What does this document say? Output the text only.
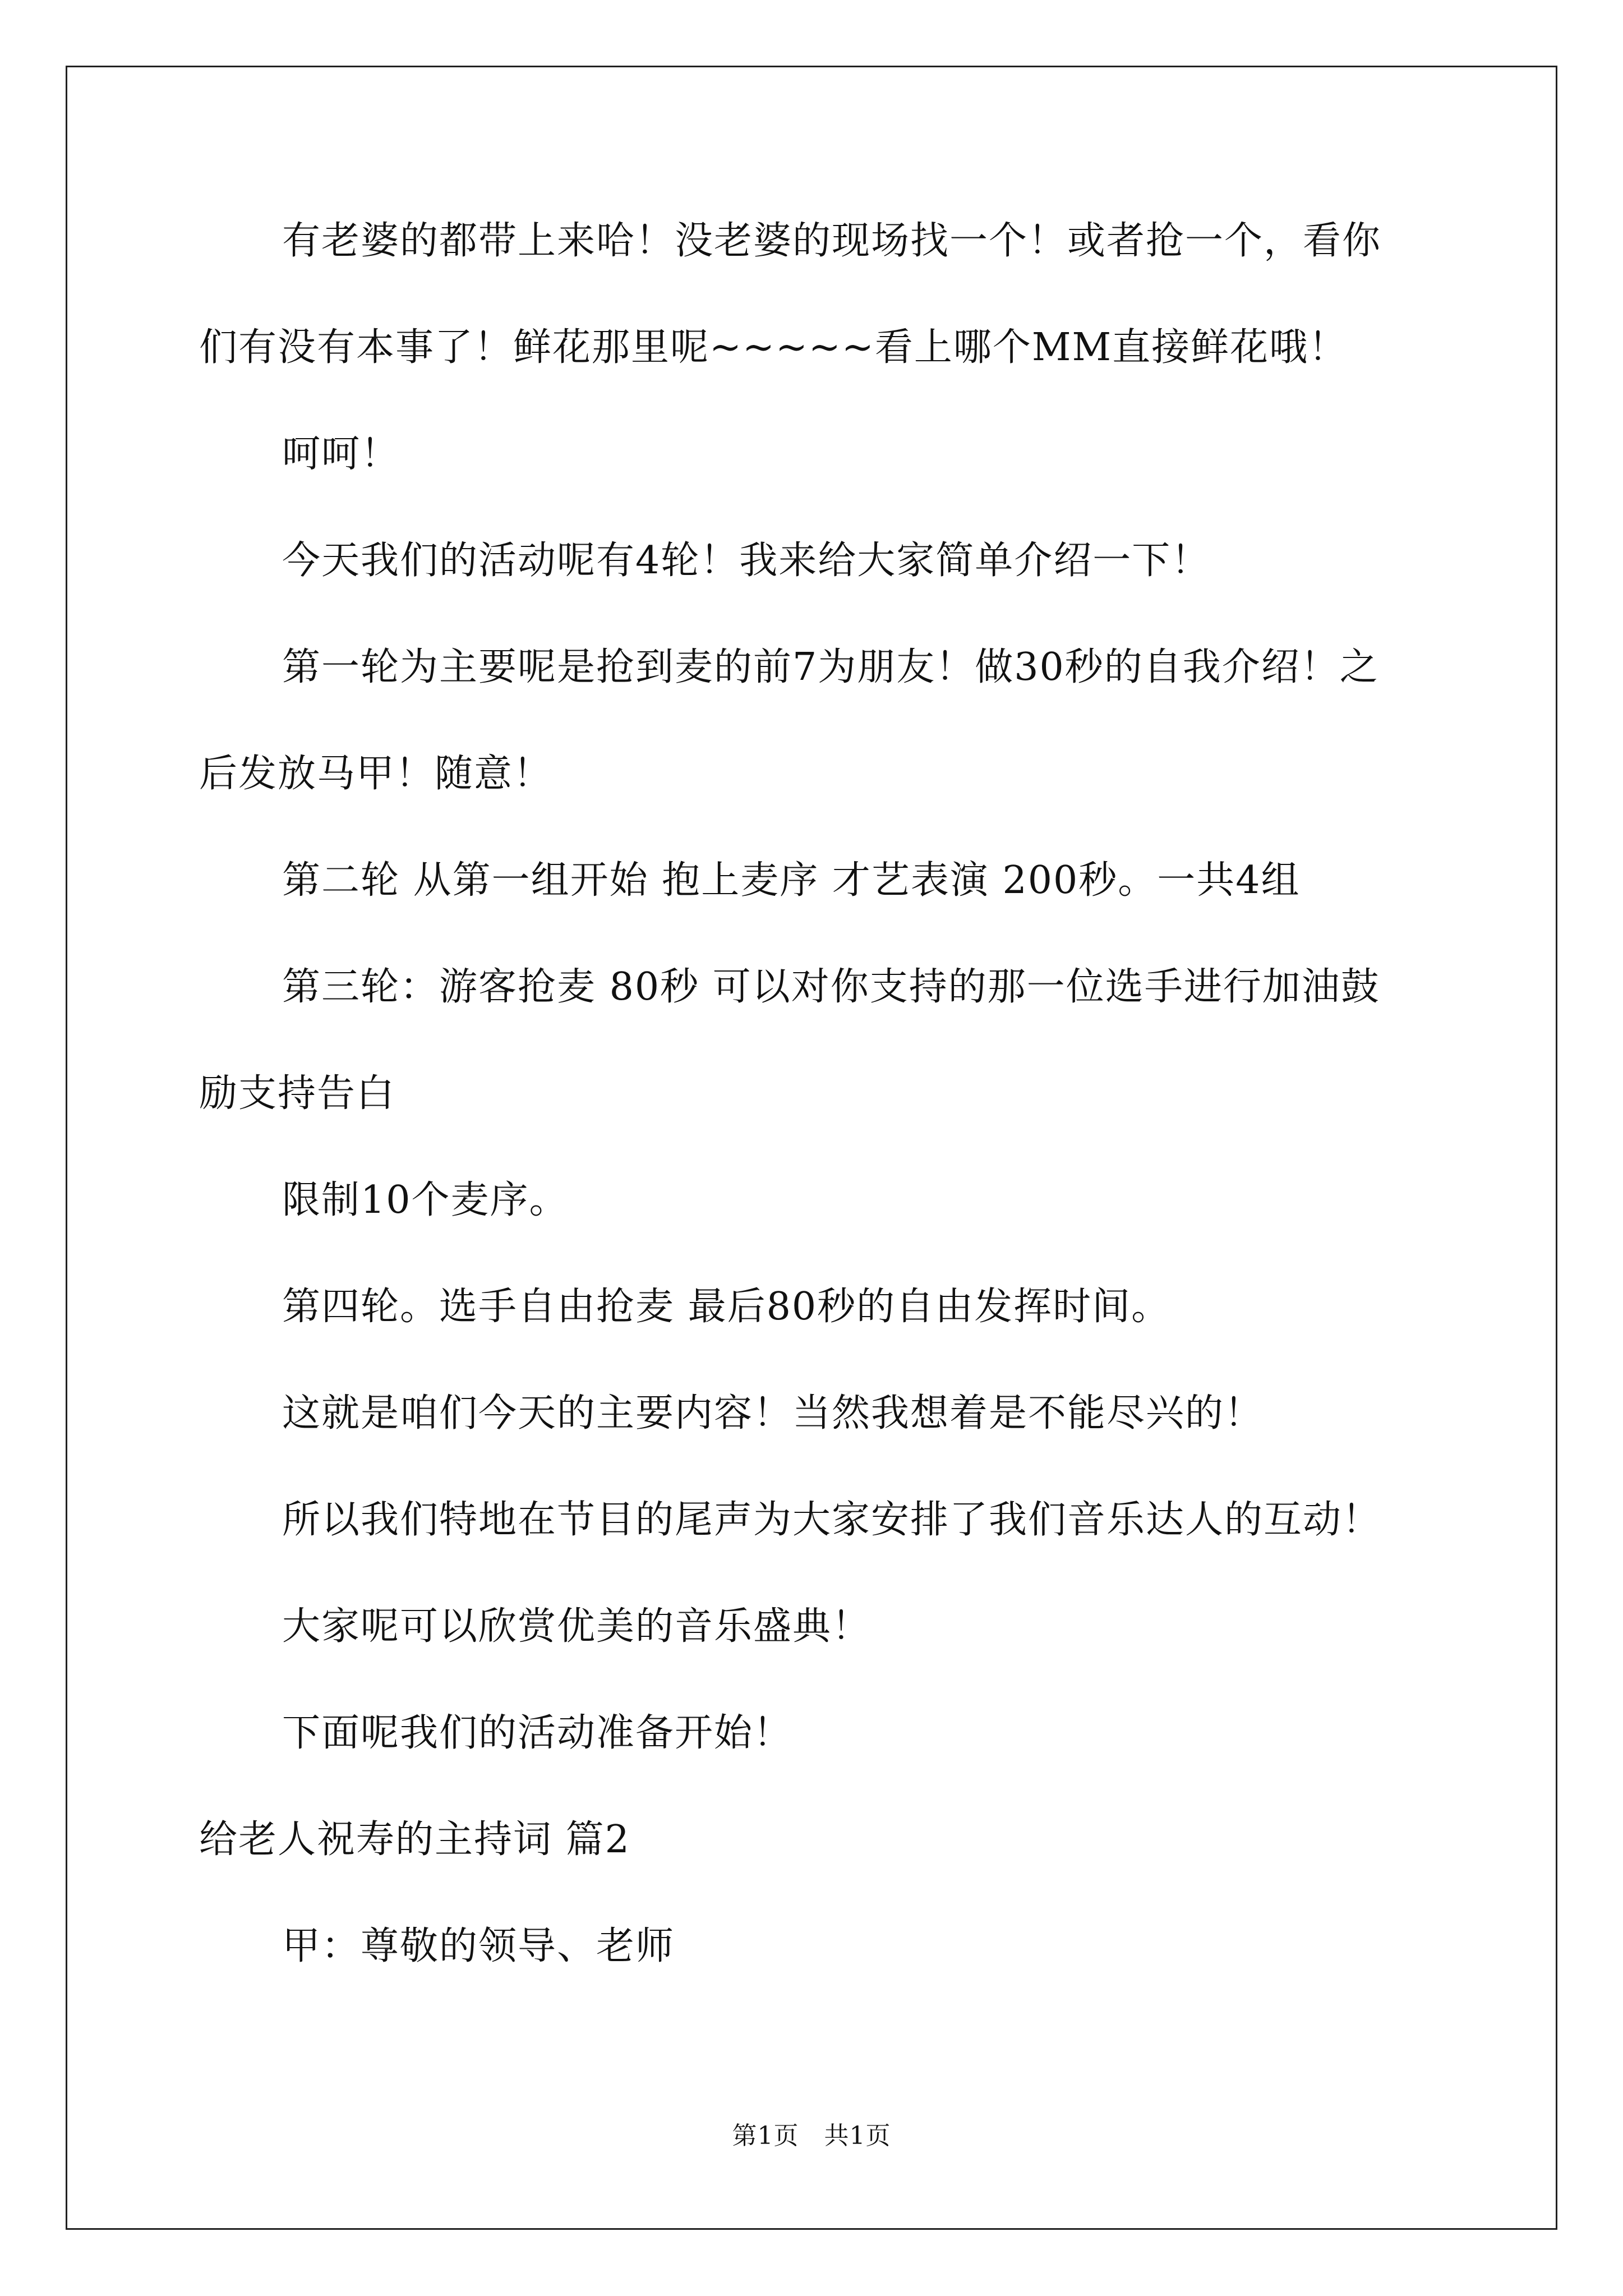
有老婆的都带上来哈！没老婆的现场找一个！或者抢一个，看你
们有没有本事了！鲜花那里呢~~~~~看上哪个MM直接鲜花哦！
呵呵！
今天我们的活动呢有4轮！我来给大家简单介绍一下！
第一轮为主要呢是抢到麦的前7为朋友！做30秒的自我介绍！之
后发放马甲！随意！
第二轮 从第一组开始 抱上麦序 才艺表演 200秒。一共4组
第三轮：游客抢麦 80秒 可以对你支持的那一位选手进行加油鼓
励支持告白
限制10个麦序。
第四轮。选手自由抢麦 最后80秒的自由发挥时间。
这就是咱们今天的主要内容！当然我想着是不能尽兴的！
所以我们特地在节目的尾声为大家安排了我们音乐达人的互动！
大家呢可以欣赏优美的音乐盛典！
下面呢我们的活动准备开始！
给老人祝寿的主持词 篇2
甲：尊敬的领导、老师
第1页　共1页
